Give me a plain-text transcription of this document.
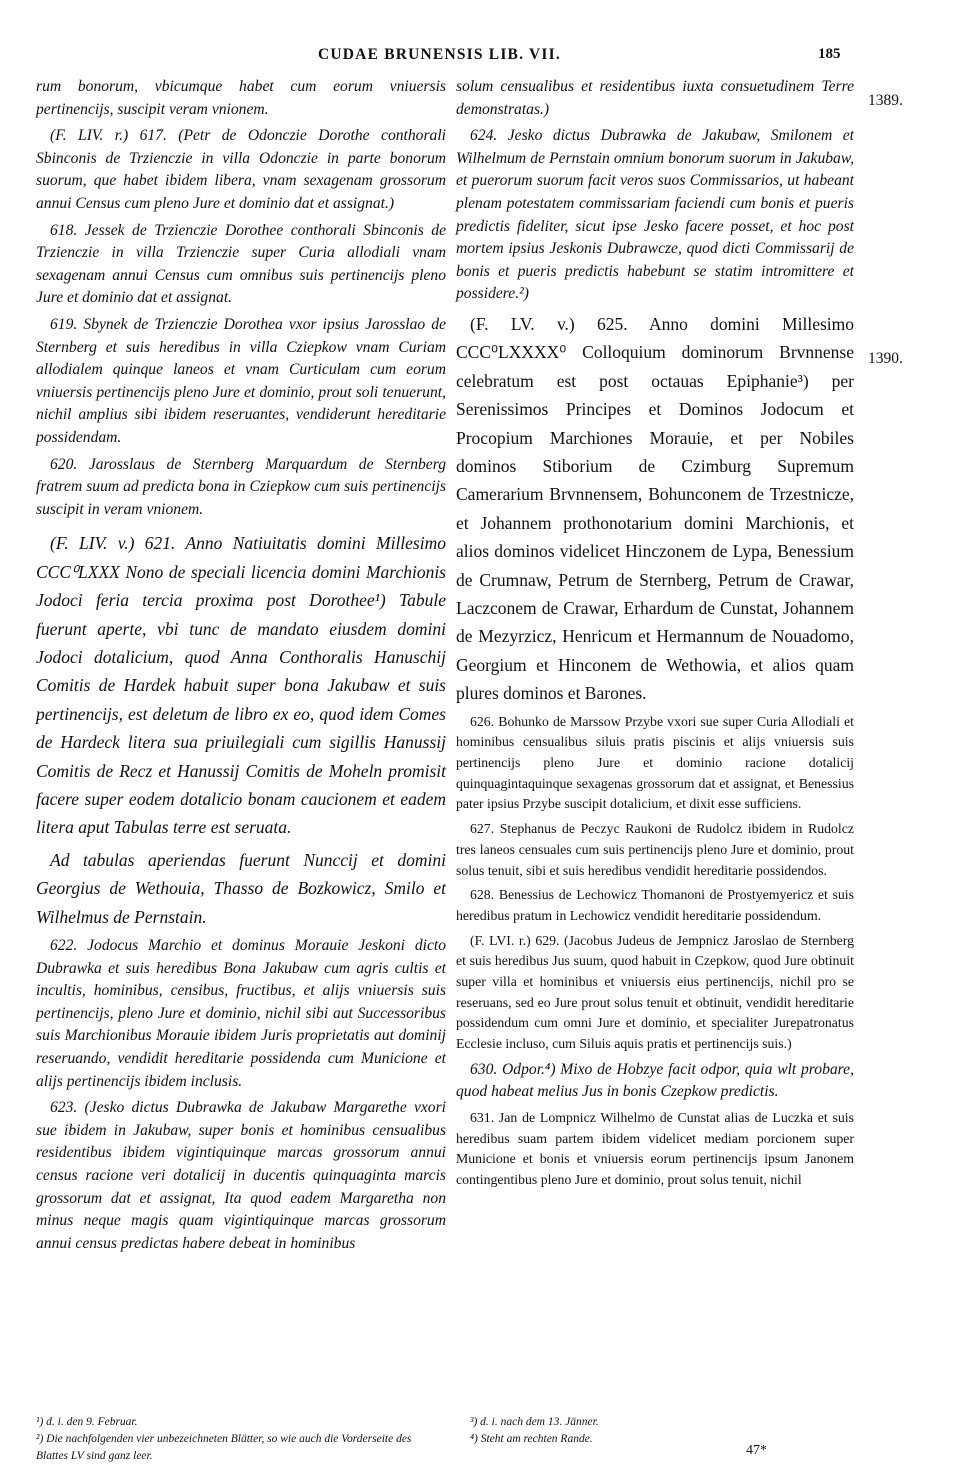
CUDAE BRUNENSIS LIB. VII.	185
1389.
1390.

rum bonorum, vbicumque habet cum eorum vniuersis pertinencijs, suscipit veram vnionem.

(F. LIV. r.) 617. (Petr de Odonczie Dorothe conthorali Sbinconis de Trzienczie in villa Odonczie in parte bonorum suorum, que habet ibidem libera, vnam sexagenam grossorum annui Census cum pleno Jure et dominio dat et assignat.)

618. Jessek de Trzienczie Dorothee conthorali Sbinconis de Trzienczie in villa Trzienczie super Curia allodiali vnam sexagenam annui Census cum omnibus suis pertinencijs pleno Jure et dominio dat et assignat.

619. Sbynek de Trzienczie Dorothea vxor ipsius Jarosslao de Sternberg et suis heredibus in villa Cziepkow vnam Curiam allodialem quinque laneos et vnam Curticulam cum eorum vniuersis pertinencijs pleno Jure et dominio, prout soli tenuerunt, nichil amplius sibi ibidem reseruantes, vendiderunt hereditarie possidendam.

620. Jarosslaus de Sternberg Marquardum de Sternberg fratrem suum ad predicta bona in Cziepkow cum suis pertinencijs suscipit in veram vnionem.

(F. LIV. v.) 621. Anno Natiuitatis domini Millesimo CCC⁰LXXX Nono de speciali licencia domini Marchionis Jodoci feria tercia proxima post Dorothee¹) Tabule fuerunt aperte, vbi tunc de mandato eiusdem domini Jodoci dotalicium, quod Anna Conthoralis Hanuschij Comitis de Hardek habuit super bona Jakubaw et suis pertinencijs, est deletum de libro ex eo, quod idem Comes de Hardeck litera sua priuilegiali cum sigillis Hanussij Comitis de Recz et Hanussij Comitis de Moheln promisit facere super eodem dotalicio bonam caucionem et eadem litera aput Tabulas terre est seruata.

Ad tabulas aperiendas fuerunt Nunccij et domini Georgius de Wethouia, Thasso de Bozkowicz, Smilo et Wilhelmus de Pernstain.

622. Jodocus Marchio et dominus Morauie Jeskoni dicto Dubrawka et suis heredibus Bona Jakubaw cum agris cultis et incultis, hominibus, censibus, fructibus, et alijs vniuersis suis pertinencijs, pleno Jure et dominio, nichil sibi aut Successoribus suis Marchionibus Morauie ibidem Juris proprietatis aut dominij reseruando, vendidit hereditarie possidenda cum Municione et alijs pertinencijs ibidem inclusis.

623. (Jesko dictus Dubrawka de Jakubaw Margarethe vxori sue ibidem in Jakubaw, super bonis et hominibus censualibus residentibus ibidem vigintiquinque marcas grossorum annui census racione veri dotalicij in ducentis quinquaginta marcis grossorum dat et assignat, Ita quod eadem Margaretha non minus neque magis quam vigintiquinque marcas grossorum annui census predictas habere debeat in hominibus

solum censualibus et residentibus iuxta consuetudinem Terre demonstratas.)

624. Jesko dictus Dubrawka de Jakubaw, Smilonem et Wilhelmum de Pernstain omnium bonorum suorum in Jakubaw, et puerorum suorum facit veros suos Commissarios, ut habeant plenam potestatem commissariam faciendi cum bonis et pueris predictis fideliter, sicut ipse Jesko facere posset, et hoc post mortem ipsius Jeskonis Dubrawcze, quod dicti Commissarij de bonis et pueris predictis habebunt se statim intromittere et possidere.²)

(F. LV. v.) 625. Anno domini Millesimo CCC⁰LXXXX⁰ Colloquium dominorum Brvnnense celebratum est post octauas Epiphanie³) per Serenissimos Principes et Dominos Jodocum et Procopium Marchiones Morauie, et per Nobiles dominos Stiborium de Czimburg Supremum Camerarium Brvnnensem, Bohunconem de Trzestnicze, et Johannem prothonotarium domini Marchionis, et alios dominos videlicet Hinczonem de Lypa, Benessium de Crumnaw, Petrum de Sternberg, Petrum de Crawar, Laczconem de Crawar, Erhardum de Cunstat, Johannem de Mezyrzicz, Henricum et Hermannum de Nouadomo, Georgium et Hinconem de Wethowia, et alios quam plures dominos et Barones.

626. Bohunko de Marssow Przybe vxori sue super Curia Allodiali et hominibus censualibus siluis pratis piscinis et alijs vniuersis suis pertinencijs pleno Jure et dominio racione dotalicij quinquagintaquinque sexagenas grossorum dat et assignat, et Benessius pater ipsius Przybe suscipit dotalicium, et dixit esse sufficiens.

627. Stephanus de Peczyc Raukoni de Rudolcz ibidem in Rudolcz tres laneos censuales cum suis pertinencijs pleno Jure et dominio, prout solus tenuit, sibi et suis heredibus vendidit hereditarie possidendos.

628. Benessius de Lechowicz Thomanoni de Prostyemyericz et suis heredibus pratum in Lechowicz vendidit hereditarie possidendum.

(F. LVI. r.) 629. (Jacobus Judeus de Jempnicz Jaroslao de Sternberg et suis heredibus Jus suum, quod habuit in Czepkow, quod Jure obtinuit super villa et hominibus et vniuersis eius pertinencijs, nichil pro se reseruans, sed eo Jure prout solus tenuit et obtinuit, vendidit hereditarie possidendum cum omni Jure et dominio, et specialiter Jurepatronatus Ecclesie incluso, cum Siluis aquis pratis et pertinencijs suis.)

630. Odpor.⁴) Mixo de Hobzye facit odpor, quia wlt probare, quod habeat melius Jus in bonis Czepkow predictis.

631. Jan de Lompnicz Wilhelmo de Cunstat alias de Luczka et suis heredibus suam partem ibidem videlicet mediam porcionem super Municione et bonis et vniuersis eorum pertinencijs ipsum Janonem contingentibus pleno Jure et dominio, prout solus tenuit, nichil

¹) d. i. den 9. Februar.
²) Die nachfolgenden vier unbezeichneten Blätter, so wie auch die Vorderseite des Blattes LV sind ganz leer.
³) d. i. nach dem 13. Jänner.
⁴) Steht am rechten Rande.
47*
